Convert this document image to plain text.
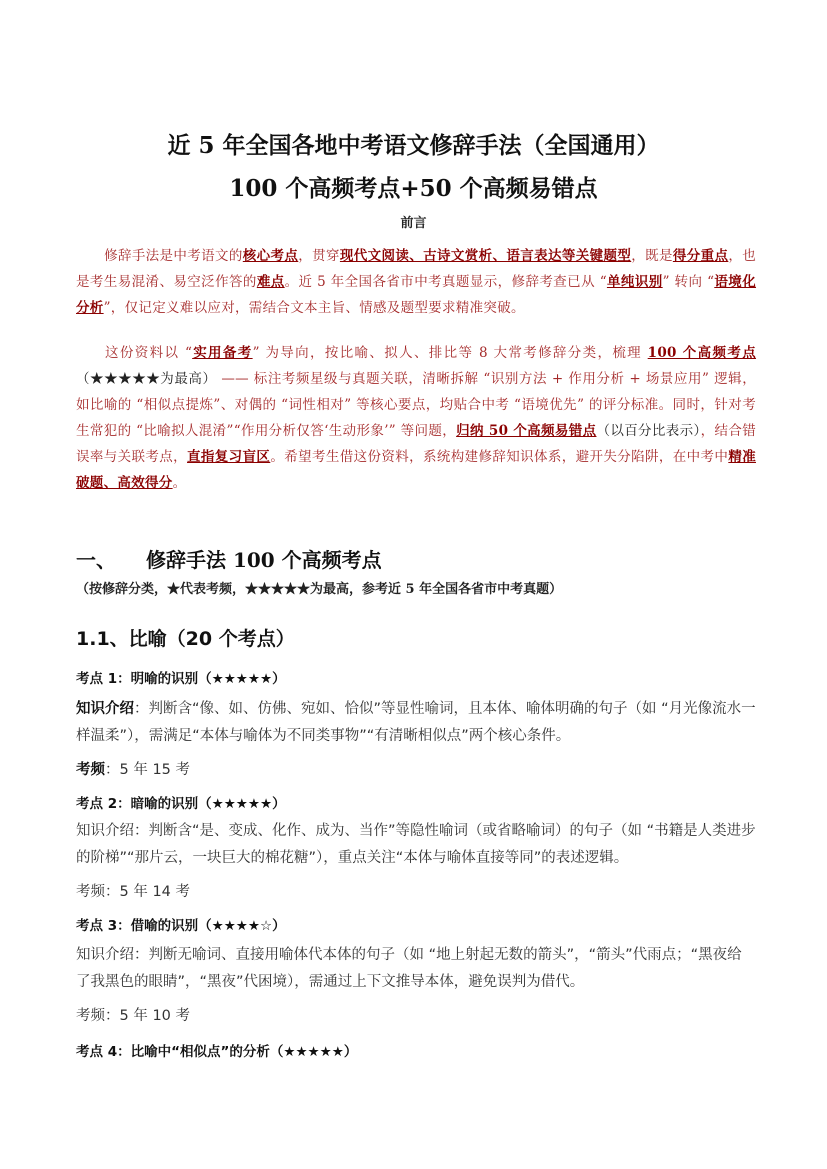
近 5 年全国各地中考语文修辞手法（全国通用）
100 个高频考点+50 个高频易错点
前言
修辞手法是中考语文的核心考点，贯穿现代文阅读、古诗文赏析、语言表达等关键题型，既是得分重点，也是考生易混淆、易空泛作答的难点。近 5 年全国各省市中考真题显示，修辞考查已从 “单纯识别” 转向 “语境化分析”，仅记定义难以应对，需结合文本主旨、情感及题型要求精准突破。
这份资料以 “实用备考” 为导向，按比喻、拟人、排比等 8 大常考修辞分类，梳理 100 个高频考点（★★★★★为最高） —— 标注考频星级与真题关联，清晰拆解 “识别方法 + 作用分析 + 场景应用” 逻辑，如比喻的 “相似点提炼”、对偶的 “词性相对” 等核心要点，均贴合中考 “语境优先” 的评分标准。同时，针对考生常犯的 “比喻拟人混淆”“作用分析仅答‘生动形象’” 等问题，归纳 50 个高频易错点（以百分比表示），结合错误率与关联考点，直指复习盲区。希望考生借这份资料，系统构建修辞知识体系，避开失分陷阱，在中考中精准破题、高效得分。
一、 修辞手法 100 个高频考点
（按修辞分类，★代表考频，★★★★★为最高，参考近 5 年全国各省市中考真题）
1.1、比喻（20 个考点）
考点 1：明喻的识别（★★★★★）
知识介绍：判断含“像、如、仿佛、宛如、恰似”等显性喻词，且本体、喻体明确的句子（如 “月光像流水一样温柔”），需满足“本体与喻体为不同类事物”“有清晰相似点”两个核心条件。
考频：5 年 15 考
考点 2：暗喻的识别（★★★★★）
知识介绍：判断含“是、变成、化作、成为、当作”等隐性喻词（或省略喻词）的句子（如 “书籍是人类进步的阶梯”“那片云，一块巨大的棉花糖”），重点关注“本体与喻体直接等同”的表述逻辑。
考频：5 年 14 考
考点 3：借喻的识别（★★★★☆）
知识介绍：判断无喻词、直接用喻体代本体的句子（如 “地上射起无数的箭头”，“箭头”代雨点；“黑夜给了我黑色的眼睛”，“黑夜”代困境），需通过上下文推导本体，避免误判为借代。
考频：5 年 10 考
考点 4：比喻中“相似点”的分析（★★★★★）
